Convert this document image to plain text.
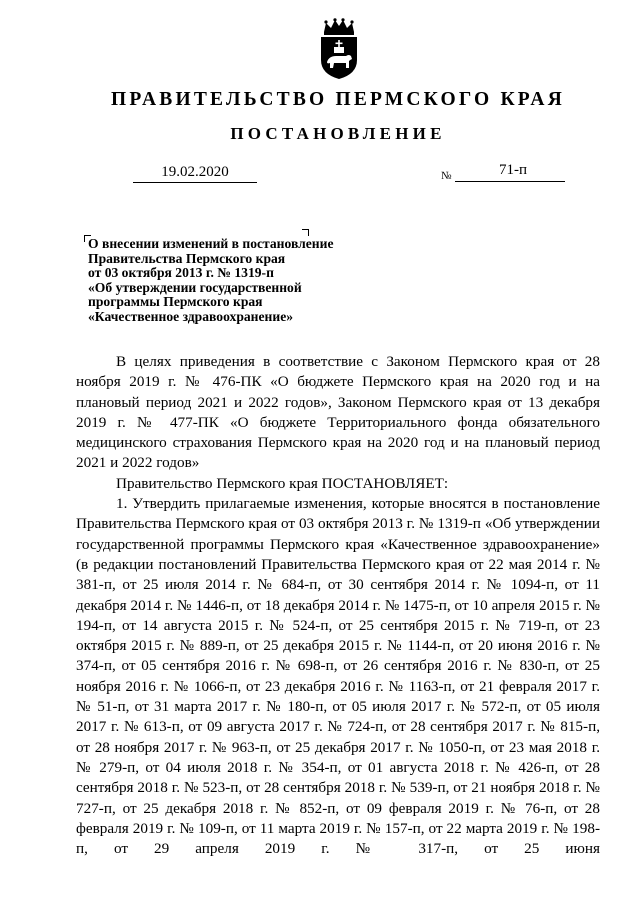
ПРАВИТЕЛЬСТВО ПЕРМСКОГО КРАЯ
ПОСТАНОВЛЕНИЕ
19.02.2020	№	71-п
О внесении изменений в постановление
Правительства Пермского края
от 03 октября 2013 г. № 1319-п
«Об утверждении государственной
программы Пермского края
«Качественное здравоохранение»

В целях приведения в соответствие с Законом Пермского края от 28 ноября 2019 г. № 476-ПК «О бюджете Пермского края на 2020 год и на плановый период 2021 и 2022 годов», Законом Пермского края от 13 декабря 2019 г. № 477-ПК «О бюджете Территориального фонда обязательного медицинского страхования Пермского края на 2020 год и на плановый период 2021 и 2022 годов»

Правительство Пермского края ПОСТАНОВЛЯЕТ:

1. Утвердить прилагаемые изменения, которые вносятся в постановление Правительства Пермского края от 03 октября 2013 г. № 1319-п «Об утверждении государственной программы Пермского края «Качественное здравоохранение» (в редакции постановлений Правительства Пермского края от 22 мая 2014 г. № 381-п, от 25 июля 2014 г. № 684-п, от 30 сентября 2014 г. № 1094-п, от 11 декабря 2014 г. № 1446-п, от 18 декабря 2014 г. № 1475-п, от 10 апреля 2015 г. № 194-п, от 14 августа 2015 г. № 524-п, от 25 сентября 2015 г. № 719-п, от 23 октября 2015 г. № 889-п, от 25 декабря 2015 г. № 1144-п, от 20 июня 2016 г. № 374-п, от 05 сентября 2016 г. № 698-п, от 26 сентября 2016 г. № 830-п, от 25 ноября 2016 г. № 1066-п, от 23 декабря 2016 г. № 1163-п, от 21 февраля 2017 г. № 51-п, от 31 марта 2017 г. № 180-п, от 05 июля 2017 г. № 572-п, от 05 июля 2017 г. № 613-п, от 09 августа 2017 г. № 724-п, от 28 сентября 2017 г. № 815-п, от 28 ноября 2017 г. № 963-п, от 25 декабря 2017 г. № 1050-п, от 23 мая 2018 г. № 279-п, от 04 июля 2018 г. № 354-п, от 01 августа 2018 г. № 426-п, от 28 сентября 2018 г. № 523-п, от 28 сентября 2018 г. № 539-п, от 21 ноября 2018 г. № 727-п, от 25 декабря 2018 г. № 852-п, от 09 февраля 2019 г. № 76-п, от 28 февраля 2019 г. № 109-п, от 11 марта 2019 г. № 157-п, от 22 марта 2019 г. № 198-п, от 29 апреля 2019 г. № 317-п, от 25 июня
